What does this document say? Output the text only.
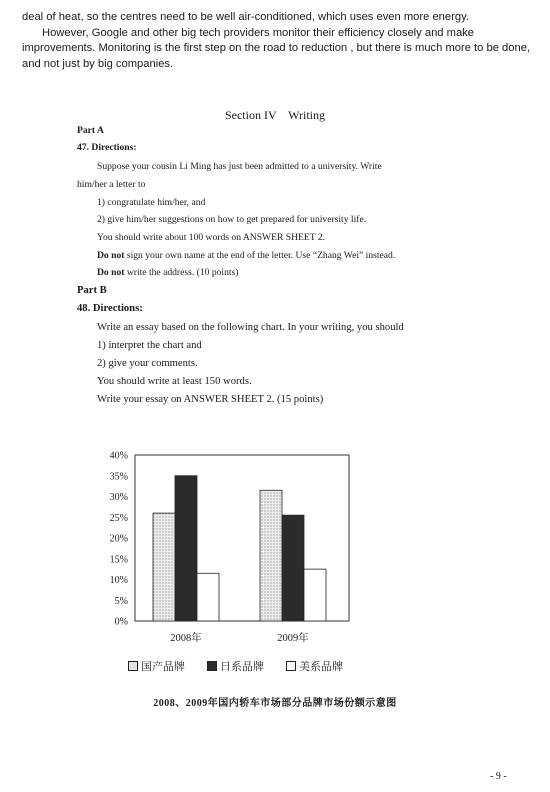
deal of heat, so the centres need to be well air-conditioned, which uses even more energy.

However, Google and other big tech providers monitor their efficiency closely and make improvements. Monitoring is the first step on the road to reduction , but there is much more to be done, and not just by big companies.

Section IV    Writing
Part A
47. Directions:
Suppose your cousin Li Ming has just been admitted to a university. Write
him/her a letter to
1) congratulate him/her, and
2) give him/her suggestions on how to get prepared for university life.
You should write about 100 words on ANSWER SHEET 2.
Do not sign your own name at the end of the letter. Use “Zhang Wei” instead.
Do not write the address. (10 points)
Part B
48. Directions:
Write an essay based on the following chart. In your writing, you should
1) interpret the chart and
2) give your comments.
You should write at least 150 words.
Write your essay on ANSWER SHEET 2. (15 points)
40%
35%
30%
25%
20%
15%
10%
5%
0%
2008年	2009年
国产品牌	日系品牌	美系品牌
2008、2009年国内轿车市场部分品牌市场份额示意图
- 9 -
